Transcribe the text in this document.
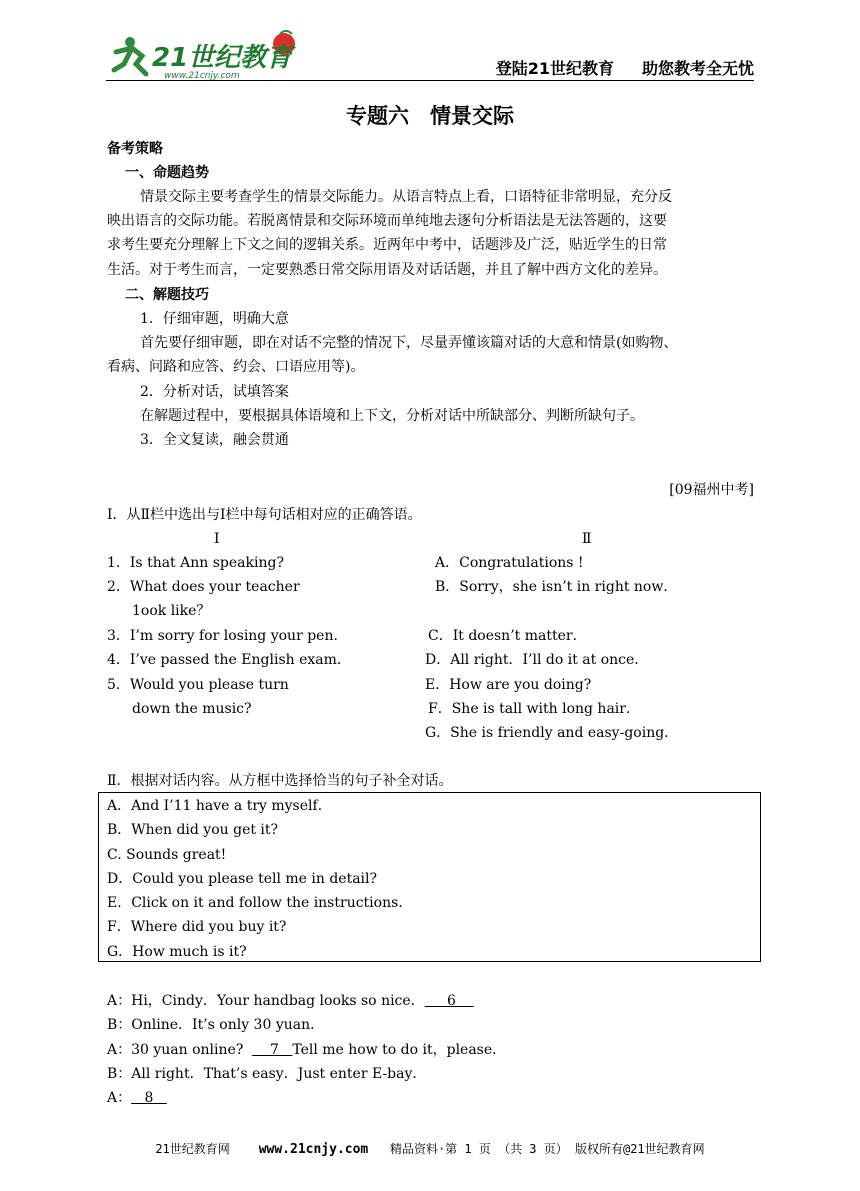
21世纪教育
www.21cnjy.com	登陆21世纪教育 助您教考全无忧
专题六　情景交际
备考策略
一、命题趋势
情景交际主要考查学生的情景交际能力。从语言特点上看，口语特征非常明显，充分反
映出语言的交际功能。若脱离情景和交际环境而单纯地去逐句分析语法是无法答题的，这要
求考生要充分理解上下文之间的逻辑关系。近两年中考中，话题涉及广泛，贴近学生的日常
生活。对于考生而言，一定要熟悉日常交际用语及对话话题，并且了解中西方文化的差异。
二、解题技巧
1．仔细审题，明确大意
首先要仔细审题，即在对话不完整的情况下，尽量弄懂该篇对话的大意和情景(如购物、
看病、问路和应答、约会、口语应用等)。
2．分析对话，试填答案
在解题过程中，要根据具体语境和上下文，分析对话中所缺部分、判断所缺句子。
3．全文复读，融会贯通
[09福州中考]
I．从Ⅱ栏中选出与I栏中每句话相对应的正确答语。
I	Ⅱ
1．Is that Ann speaking?
2．What does your teacher
1ook like？
3．I’m sorry for losing your pen．
4．I’ve passed the English exam.
5．Would you please turn
down the music?
A．Congratulations !
B．Sorry，she isn’t in right now．
C．It doesn’t matter．
D．All right．I’ll do it at once．
E．How are you doing?
F．She is tall with long hair．
G．She is friendly and easy-going．
Ⅱ．根据对话内容。从方框中选择恰当的句子补全对话。
A．And I’11 have a try myself．
B．When did you get it?
C. Sounds great!
D．Could you please tell me in detail?
E．Click on it and follow the instructions．
F．Where did you buy it?
G．How much is it?
A：Hi，Cindy．Your handbag looks so nice． 6
B：Online．It’s only 30 yuan．
A：30 yuan online? 7 Tell me how to do it，please．
B：All right．That’s easy．Just enter E-bay．
A： 8
21世纪教育网 www.21cnjy.com 精品资料·第 1 页 （共 3 页） 版权所有@21世纪教育网
